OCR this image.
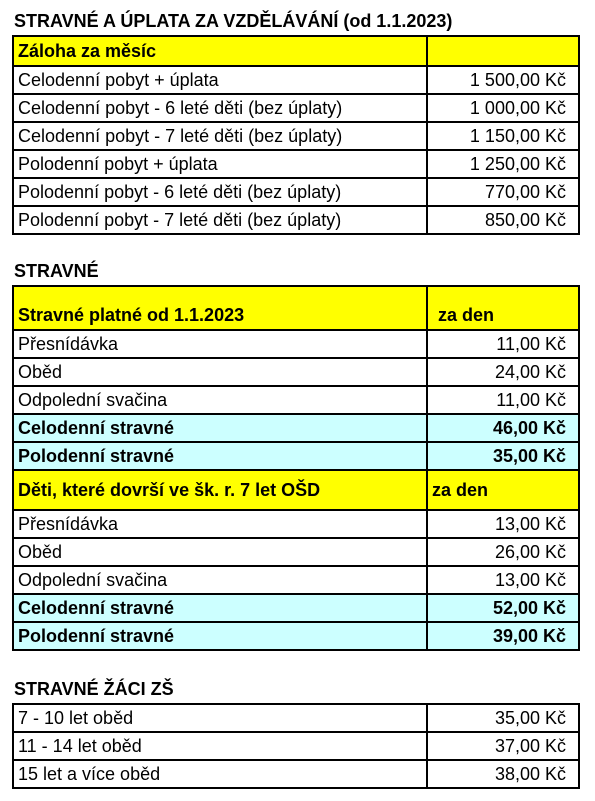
STRAVNÉ A ÚPLATA ZA VZDĚLÁVÁNÍ (od 1.1.2023)
Záloha za měsíc	
Celodenní pobyt + úplata	1 500,00 Kč
Celodenní pobyt - 6 leté děti (bez úplaty)	1 000,00 Kč
Celodenní pobyt - 7 leté děti (bez úplaty)	1 150,00 Kč
Polodenní pobyt + úplata	1 250,00 Kč
Polodenní pobyt - 6 leté děti (bez úplaty)	770,00 Kč
Polodenní pobyt - 7 leté děti (bez úplaty)	850,00 Kč
STRAVNÉ
Stravné platné od 1.1.2023	za den
Přesnídávka	11,00 Kč
Oběd	24,00 Kč
Odpolední svačina	11,00 Kč
Celodenní stravné	46,00 Kč
Polodenní stravné	35,00 Kč
Děti, které dovrší ve šk. r. 7 let OŠD	za den
Přesnídávka	13,00 Kč
Oběd	26,00 Kč
Odpolední svačina	13,00 Kč
Celodenní stravné	52,00 Kč
Polodenní stravné	39,00 Kč
STRAVNÉ ŽÁCI ZŠ
7 - 10 let oběd	35,00 Kč
11 - 14 let oběd	37,00 Kč
15 let a více oběd	38,00 Kč
